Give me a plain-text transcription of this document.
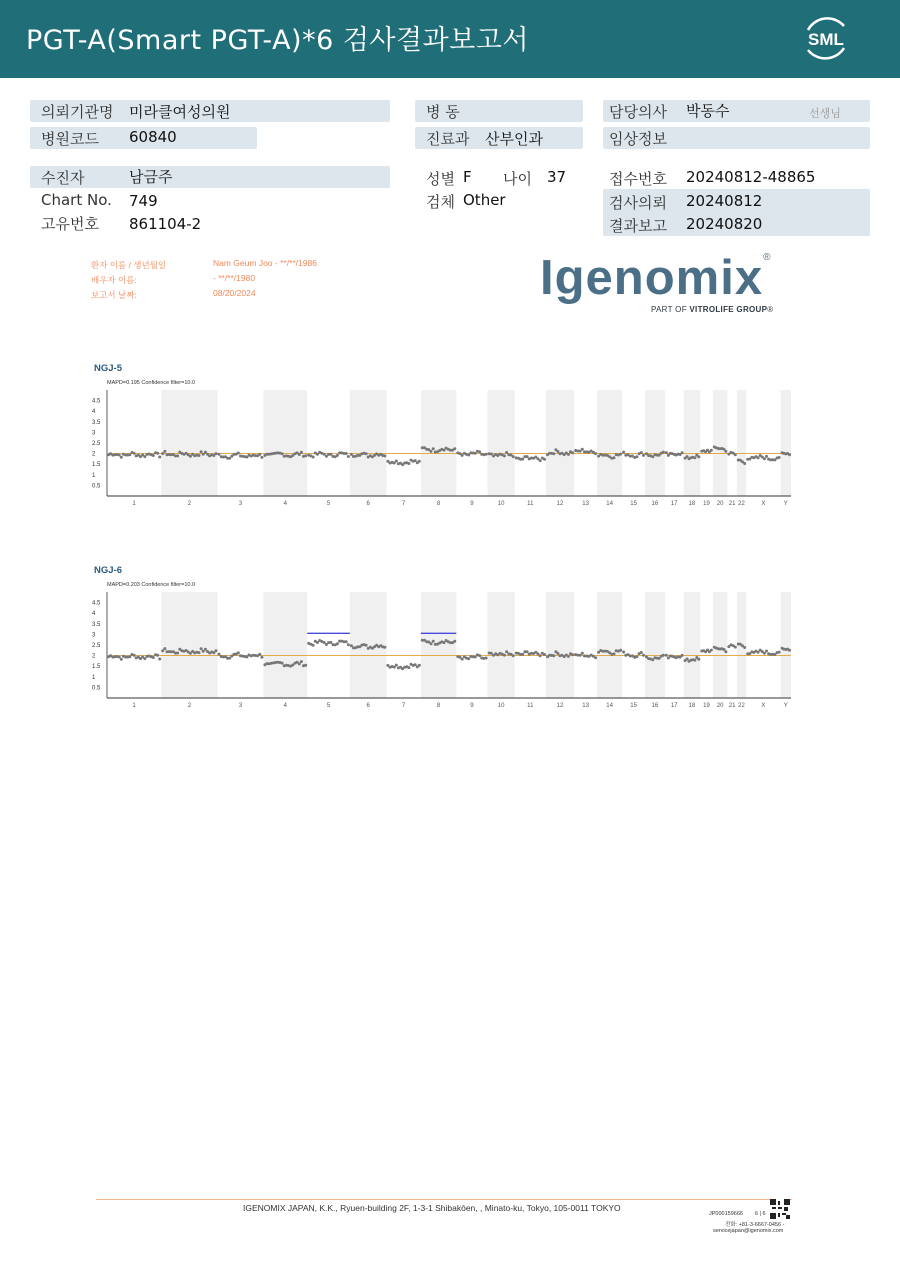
PGT-A(Smart PGT-A)*6 검사결과보고서	SML
의뢰기관명 미라클여성의원
병원코드 60840
병 동
진료과 산부인과
담당의사 박동수	선생님
임상정보
수진자	남금주
Chart No. 749
고유번호 861104-2
성별 F 나이 37
검체 Other
접수번호 20240812-48865
검사의뢰 20240812
결과보고 20240820
환자 이름 / 생년월일	Nam Geum Joo - **/**/1986
배우자 이름:	- **/**/1980
보고서 날짜:	08/20/2024	Igenomix®
PART OF VITROLIFE GROUP®
NGJ-5
MAPD=0.195 Confidence filter=10.0
4.5
4
3.5
3
2.5
2
1.5
1
0.5
1	2	3	4	5	6	7	8	9	10	11	12	13	14	15 16 17 18 19 20 21 22	X	Y
NGJ-6
MAPD=0.203 Confidence filter=10.0
4.5
4
3.5
3
2.5
2
1.5
1
0.5
1	2	3	4	5	6	7	8	9	10	11	12	13	14	15 16 17 18 19 20 21 22	X	Y
IGENOMIX JAPAN, K.K., Ryuen-building 2F, 1-3-1 Shibakōen, , Minato-ku, Tokyo, 105-0011 TOKYO
JP000159666 6 | 6
전화: +81-3-6667-0456 -
servicejapan@igenomix.com
